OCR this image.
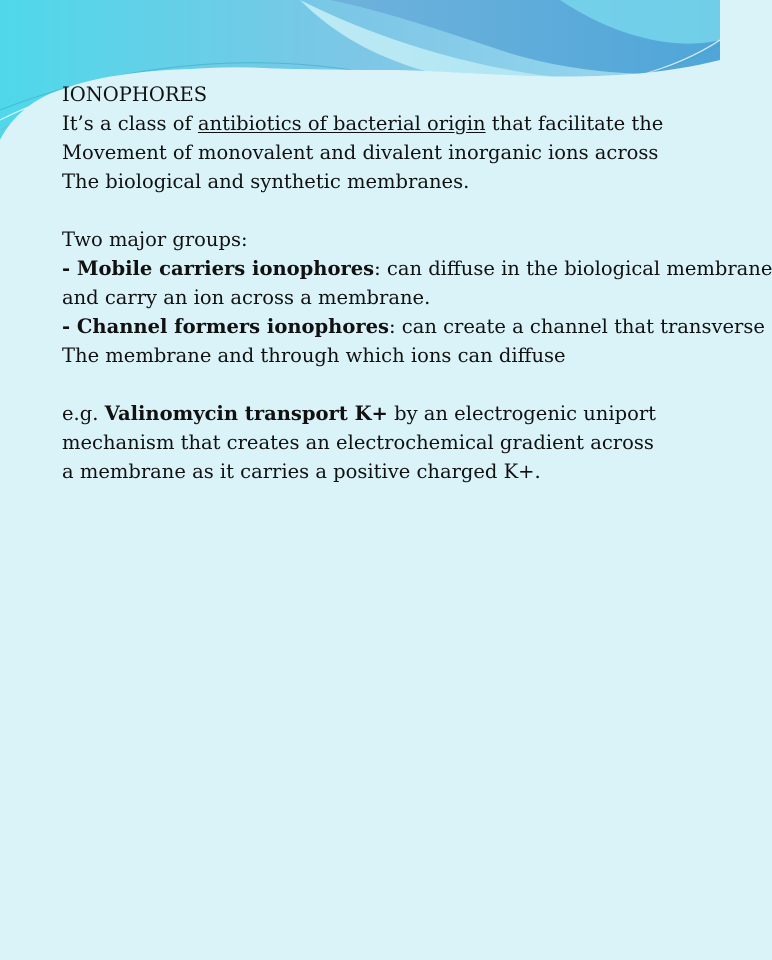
IONOPHORES
It’s a class of antibiotics of bacterial origin that facilitate the
Movement of monovalent and divalent inorganic ions across
The biological and synthetic membranes.
Two major groups:
- Mobile carriers ionophores: can diffuse in the biological membrane
and carry an ion across a membrane.
- Channel formers ionophores: can create a channel that transverse
The membrane and through which ions can diffuse
e.g. Valinomycin transport K+ by an electrogenic uniport
mechanism that creates an electrochemical gradient across
a membrane as it carries a positive charged K+.
